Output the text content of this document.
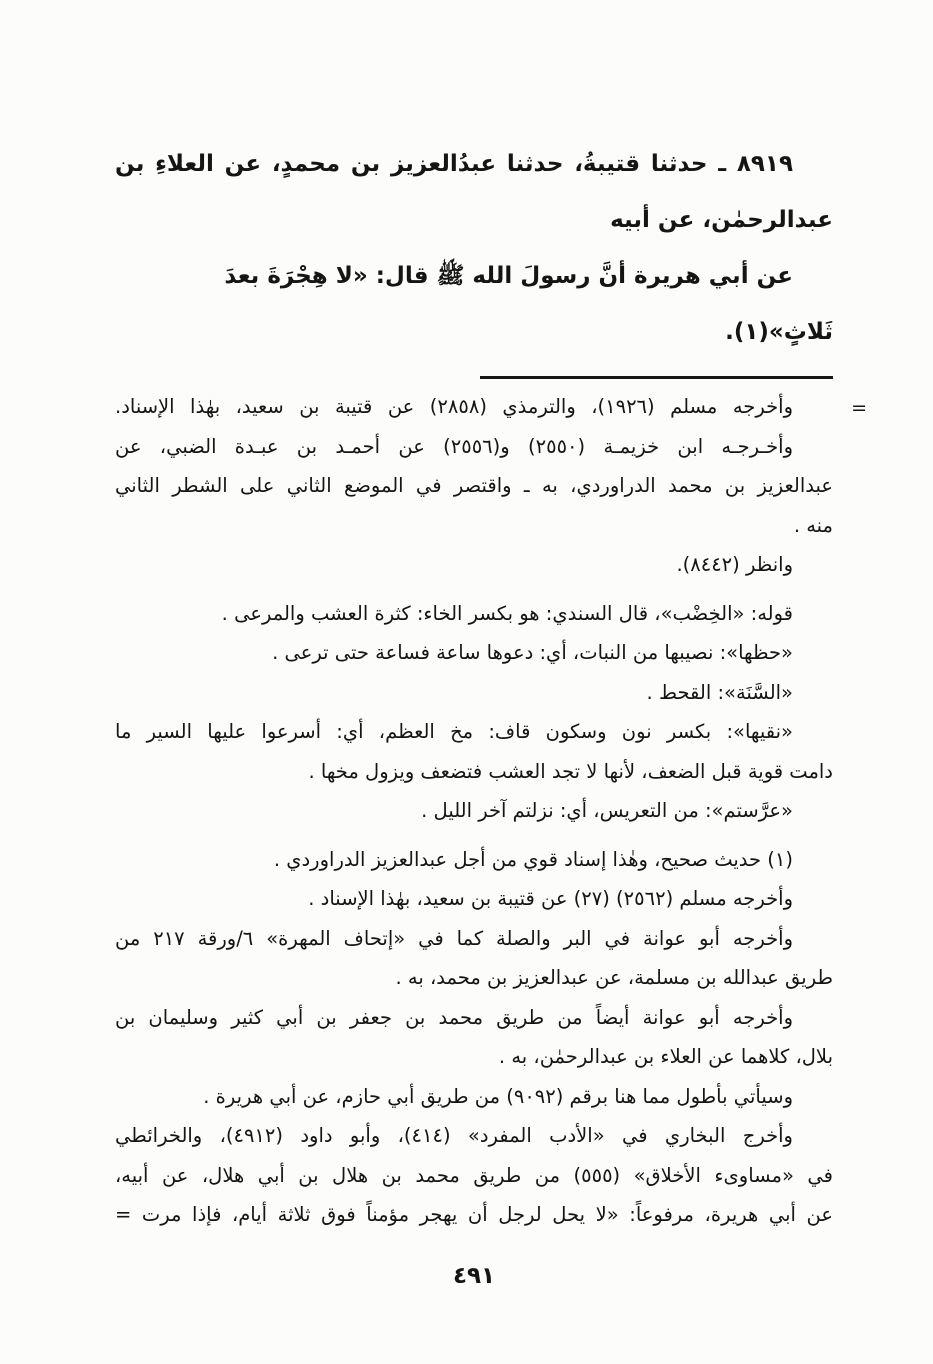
٨٩١٩ ـ حدثنا قتيبةُ، حدثنا عبدُالعزيز بن محمدٍ، عن العلاءِ بن
عبدالرحمٰن، عن أبيه
عن أبي هريرة أنَّ رسولَ الله ﷺ قال: «لا هِجْرَةَ بعدَ ثَلاثٍ»(١).
=
وأخرجه مسلم (١٩٢٦)، والترمذي (٢٨٥٨) عن قتيبة بن سعيد، بهٰذا الإسناد.
وأخـرجـه ابن خزيمـة (٢٥٥٠) و(٢٥٥٦) عن أحمـد بن عبـدة الضبي، عن
عبدالعزيز بن محمد الدراوردي، به ـ واقتصر في الموضع الثاني على الشطر الثاني
منه .
وانظر (٨٤٤٢).
قوله: «الخِضْب»، قال السندي: هو بكسر الخاء: كثرة العشب والمرعى .
«حظها»: نصيبها من النبات، أي: دعوها ساعة فساعة حتى ترعى .
«السَّنَة»: القحط .
«نقيها»: بكسر نون وسكون قاف: مخ العظم، أي: أسرعوا عليها السير ما
دامت قوية قبل الضعف، لأنها لا تجد العشب فتضعف ويزول مخها .
«عرَّستم»: من التعريس، أي: نزلتم آخر الليل .
(١) حديث صحيح، وهٰذا إسناد قوي من أجل عبدالعزيز الدراوردي .
وأخرجه مسلم (٢٥٦٢) (٢٧) عن قتيبة بن سعيد، بهٰذا الإسناد .
وأخرجه أبو عوانة في البر والصلة كما في «إتحاف المهرة» ٦/ورقة ٢١٧ من
طريق عبدالله بن مسلمة، عن عبدالعزيز بن محمد، به .
وأخرجه أبو عوانة أيضاً من طريق محمد بن جعفر بن أبي كثير وسليمان بن
بلال، كلاهما عن العلاء بن عبدالرحمٰن، به .
وسيأتي بأطول مما هنا برقم (٩٠٩٢) من طريق أبي حازم، عن أبي هريرة .
وأخرج البخاري في «الأدب المفرد» (٤١٤)، وأبو داود (٤٩١٢)، والخرائطي
في «مساوىء الأخلاق» (٥٥٥) من طريق محمد بن هلال بن أبي هلال، عن أبيه،
عن أبي هريرة، مرفوعاً: «لا يحل لرجل أن يهجر مؤمناً فوق ثلاثة أيام، فإذا مرت =
٤٩١
